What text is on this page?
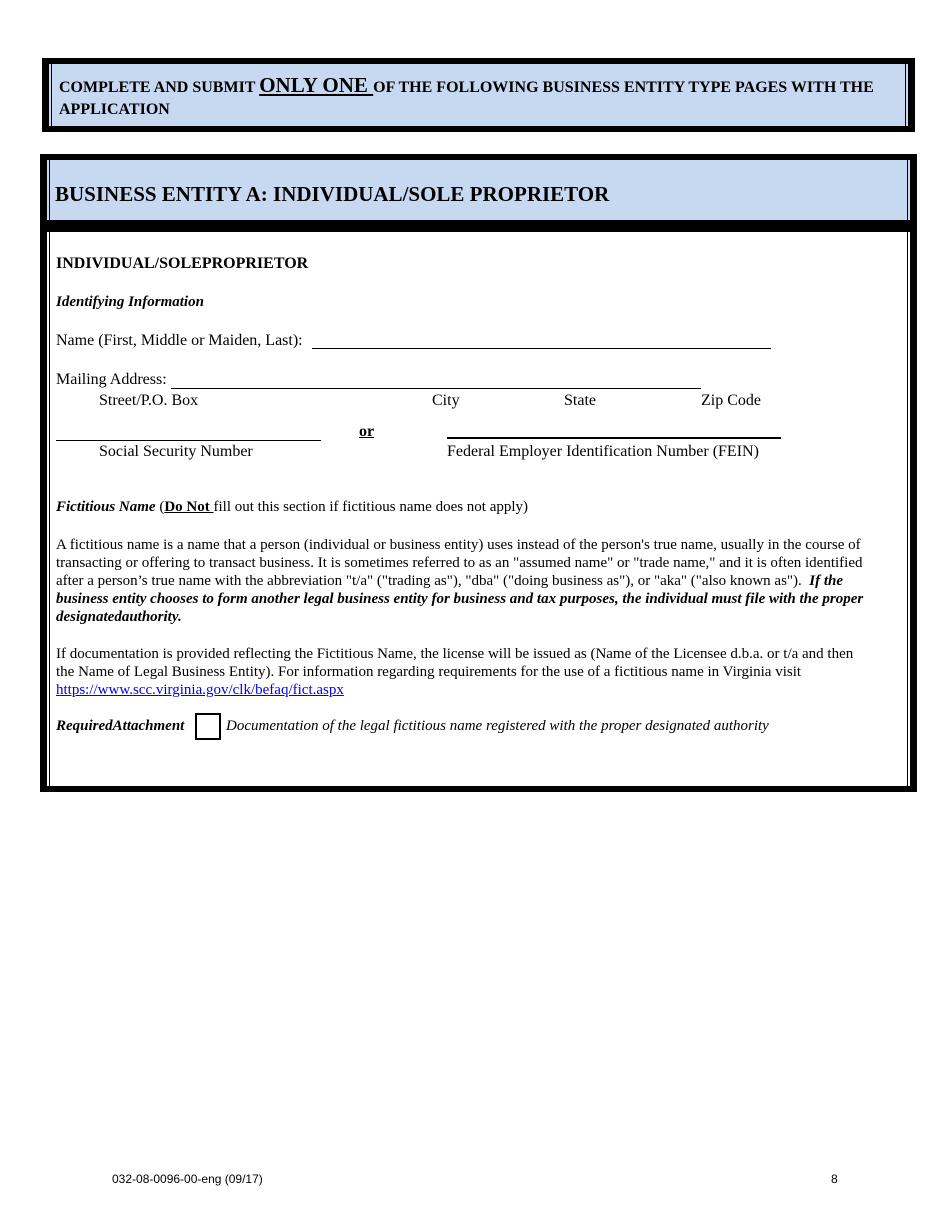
COMPLETE AND SUBMIT ONLY ONE OF THE FOLLOWING BUSINESS ENTITY TYPE PAGES WITH THE APPLICATION
BUSINESS ENTITY A: INDIVIDUAL/SOLE PROPRIETOR
INDIVIDUAL/SOLEPROPRIETOR
Identifying Information
Name (First, Middle or Maiden, Last):
Mailing Address:
Street/P.O. Box	City	State	Zip Code
or
Social Security Number	Federal Employer Identification Number (FEIN)
Fictitious Name (Do Not fill out this section if fictitious name does not apply)
A fictitious name is a name that a person (individual or business entity) uses instead of the person's true name, usually in the course of transacting or offering to transact business. It is sometimes referred to as an "assumed name" or "trade name," and it is often identified after a person’s true name with the abbreviation "t/a" ("trading as"), "dba" ("doing business as"), or "aka" ("also known as"). If the business entity chooses to form another legal business entity for business and tax purposes, the individual must file with the proper designatedauthority.
If documentation is provided reflecting the Fictitious Name, the license will be issued as (Name of the Licensee d.b.a. or t/a and then the Name of Legal Business Entity). For information regarding requirements for the use of a fictitious name in Virginia visit
https://www.scc.virginia.gov/clk/befaq/fict.aspx
RequiredAttachment	Documentation of the legal fictitious name registered with the proper designated authority
032-08-0096-00-eng (09/17)	8
